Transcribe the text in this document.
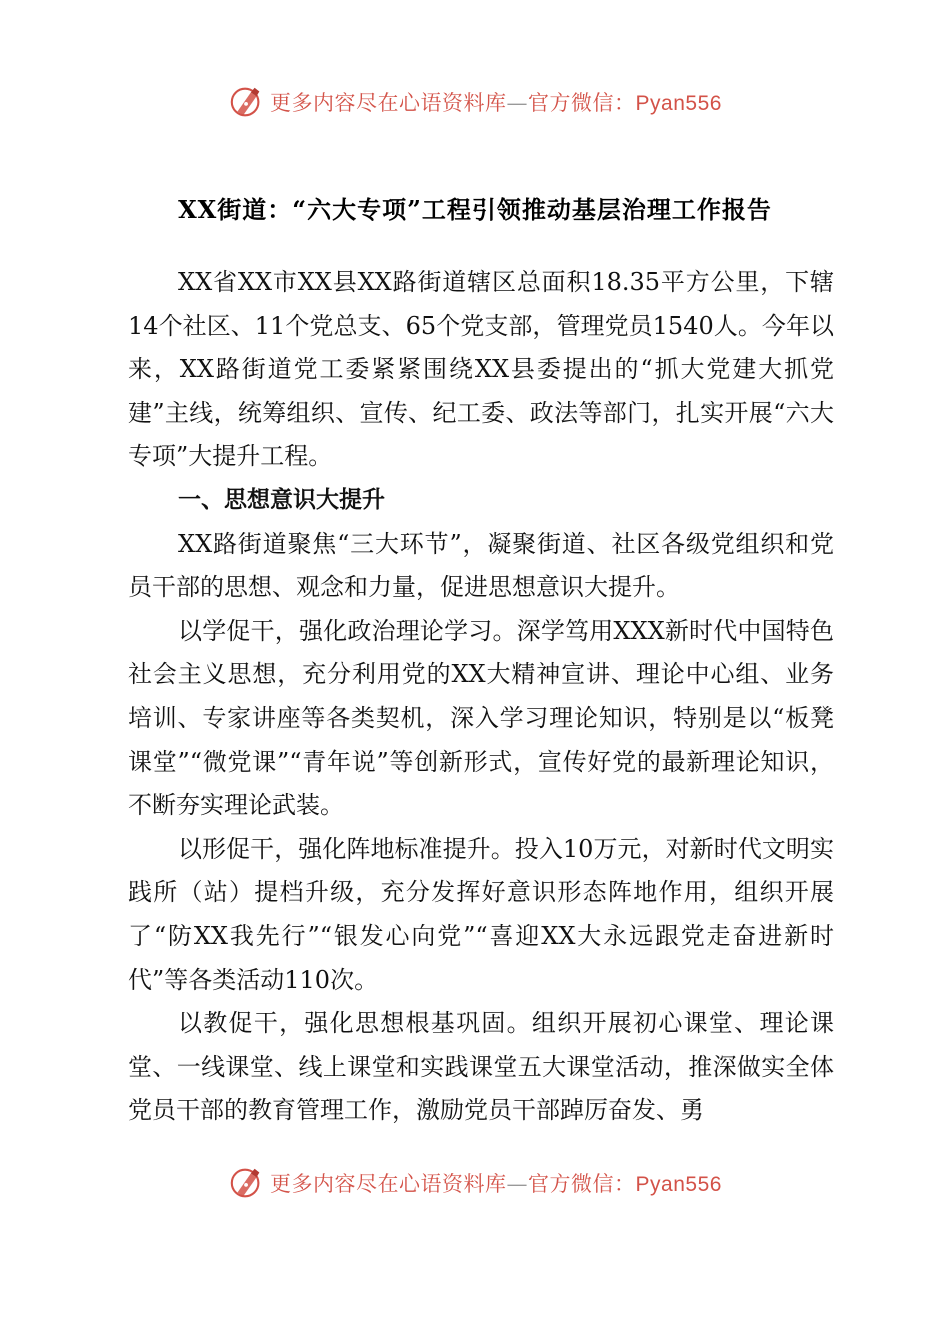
更多内容尽在心语资料库—官方微信：Pyan556
XX街道：“六大专项”工程引领推动基层治理工作报告

XX省XX市XX县XX路街道辖区总面积18.35平方公里，下辖14个社区、11个党总支、65个党支部，管理党员1540人。今年以来，XX路街道党工委紧紧围绕XX县委提出的“抓大党建大抓党建”主线，统筹组织、宣传、纪工委、政法等部门，扎实开展“六大专项”大提升工程。

一、思想意识大提升

XX路街道聚焦“三大环节”，凝聚街道、社区各级党组织和党员干部的思想、观念和力量，促进思想意识大提升。

以学促干，强化政治理论学习。深学笃用XXX新时代中国特色社会主义思想，充分利用党的XX大精神宣讲、理论中心组、业务培训、专家讲座等各类契机，深入学习理论知识，特别是以“板凳课堂”“微党课”“青年说”等创新形式，宣传好党的最新理论知识，不断夯实理论武装。

以形促干，强化阵地标准提升。投入10万元，对新时代文明实践所（站）提档升级，充分发挥好意识形态阵地作用，组织开展了“防XX我先行”“银发心向党”“喜迎XX大永远跟党走奋进新时代”等各类活动110次。

以教促干，强化思想根基巩固。组织开展初心课堂、理论课堂、一线课堂、线上课堂和实践课堂五大课堂活动，推深做实全体党员干部的教育管理工作，激励党员干部踔厉奋发、勇

更多内容尽在心语资料库—官方微信：Pyan556
